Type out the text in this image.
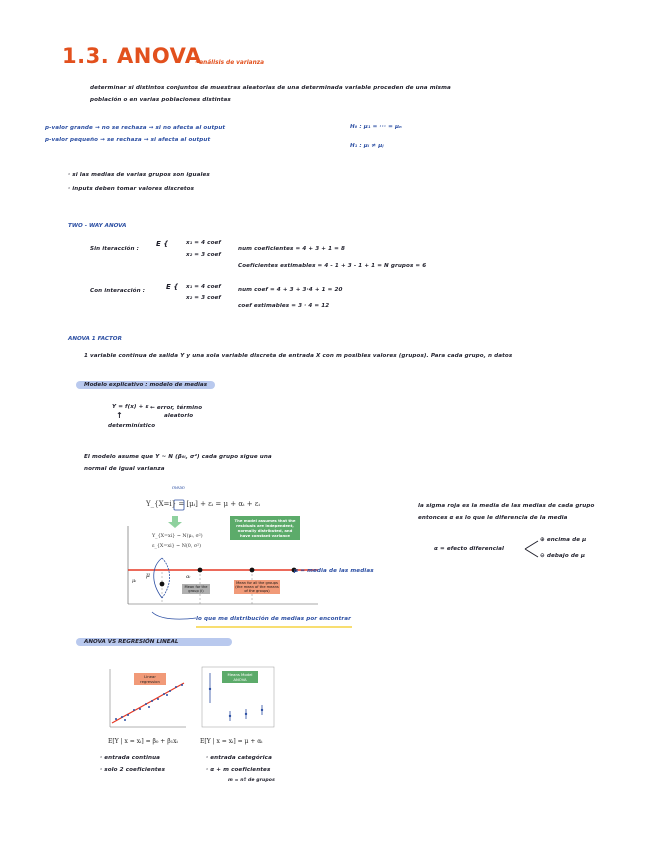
1.3. ANOVA
· análisis de varianza
determinar si distintos conjuntos de muestras aleatorias de una determinada variable proceden de una misma
población o en varias poblaciones distintas
p-valor grande → no se rechaza → si no afecta al output
p-valor pequeño → se rechaza → si afecta al output
H₀ : μ₁ = ··· = μₙ
H₁ : μᵢ ≠ μⱼ
· si las medias de varias grupos son iguales
· inputs deben tomar valores discretos
TWO - WAY ANOVA
Sin iteracción :
E {	x₁ = 4 coef
x₂ = 3 coef
num coeficientes = 4 + 3 + 1 = 8
Coeficientes estimables = 4 - 1 + 3 - 1 + 1 = N grupos = 6
Con interacción :	E { x₁ = 4 coef
x₂ = 3 coef
num coef = 4 + 3 + 3·4 + 1 = 20
coef estimables = 3 · 4 = 12
ANOVA 1 FACTOR
1 variable continua de salida Y y una sola variable discreta de entrada X con m posibles valores (grupos). Para cada grupo, n datos
Modelo explicativo : modelo de medias
Y = f(x) + ε ← error, término
aleatorio
↑
determinístico
El modelo asume que Y ~ N (β₀ᵢ, σ²) cada grupo sigue una
normal de igual varianza
la sigma roja es la media de las medias de cada grupo
entonces α es lo que le diferencia de la media
α = efecto diferencial
⊕ encima de μ
⊖ debajo de μ
mean
Y_{X=i} = [μᵢ] + εᵢ = μ + αᵢ + εᵢ
Y_{X=xi} ~ N(μᵢ, σ²)
ε_{X=xi} ~ N(0, σ²)
The model assumes that the residuals are independent, normally distributed, and have constant variance
Mean for the group (i)
Mean for all the groups (the mean of the means of the groups)
μ
μᵢ
αᵢ
μ = media de las medias
lo que me distribución de medias por encontrar
ANOVA VS REGRESIÓN LINEAL
Linear regression
Means Model ANOVA
E[Y | x = xᵢ] = β₀ + β₁xᵢ	E[Y | x = xᵢ] = μ + αᵢ
· entrada continua
· solo 2 coeficientes
· entrada categórica
· α + m coeficientes
m = nº de grupos
